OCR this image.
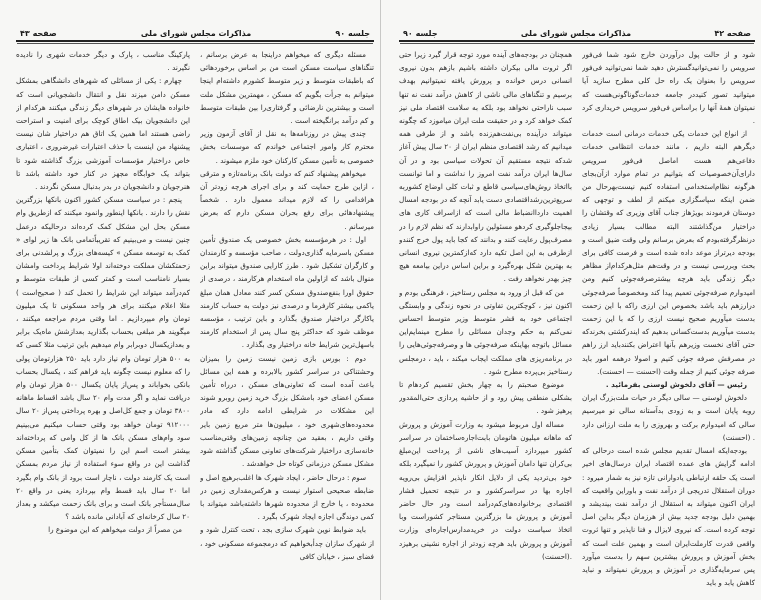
جلسه ۹۰
مذاکرات مجلس شورای ملی
صفحه ۴۳

مسئله دیگری که میخواهم دراینجا به عرض برسانم ، تنگناهای سیاست مسکن است من بر اساس برخوردهائی که باطبقات متوسط و زیر متوسط کشورم داشته‌ام اینجا میتوانم به جرأت بگویم که مسکن ، مهمترین مشکل ملت است و بیشترین نارضائی و گرفتاری‌را بین طبقات متوسط و کم درآمد برانگیخته است .

چندی پیش در روزنامه‌ها به نقل از آقای آزمون وزیر محترم کار وامور اجتماعی خواندم که موسسات بخش خصوصی به تأمین مسکن کارکنان خود ملزم میشوند .

میخواهم پیشنهاد کنم که دولت بانک برنامه‌تازه و مترقی ، ازاین طرح حمایت کند و برای اجرای هرچه زودتر آن هرافدامی را که لازم میداند معمول دارد . شخصاً پیشنهادهائی برای رفع بحران مسکن دارم که بعرض میرسانم .

اول : در هرمؤسسه بخش خصوصی یک صندوق تأمین مسکن باسرمایه گذاری‌دولت ، صاحب مؤسسه و کارمندان و کارگران تشکیل شود . طرز کارایی صندوق میتواند براین منوال باشد که ازاولین ماه استخدام هرکارمند ، درصدی از حقوق اورا بنفع‌صندوق مسکن کسر کنند معادل همان مبلغ یاکمی بیشتر کارفرما و درصدی نیز دولت به حساب کارمند یاکارگر دراختیار صندوق بگذارد و باین ترتیب ، مؤسسه موظف شود که حداکثر پنج سال پس از استخدام کارمند باسهل‌ترین شرایط خانه دراختیار وی بگذارد .

دوم : بورس بازی زمین نیست زمین را بمیزان وحشتناکی در سراسر کشور بالابرده و همه این مسائل باعث آمده است که تعاونی‌های مسکن ، درراه تأمین مسکن اعضای خود بامشکل بزرگ خرید زمین روبرو شوند این مشکلات در شرایطی ادامه دارد که مادر محدوده‌های‌شهری خود ، میلیون‌ها متر مربع زمین بایر وقتی داریم ، بعقید من چنانچه زمین‌های وقتی‌مناسب خانه‌سازی دراختیار شرکت‌های تعاونی مسکن گذاشته شود مشکل مسکن درزمانی کوتاه حل خواهدشد .

سوم : درحال حاضر ، ایجاد شهرک ها اغلب‌برهیچ اصل و ضابطه صحیحی استوار نیست و هرکس‌مقداری زمین در محدوده ، یا خارج از محدوده شهرها داشته‌باشد میتواند با کمی دوندگی اجازه ایجاد شهرک بگیرد .

باید ضوابط نوین شهرک سازی بجد ، تحت کنترل شود و از شهرک سازان چدأبخواهیم که درمجموعه مسکونی خود ، فضای سبز ، خیابان کافی

پارکینگ مناسب ، پارک و دیگر خدمات شهری را نادیده نگیرند .

چهارم : یکی از مسائلی که شهرهای دانشگاهی بمشکل مسکن دامن میزند نقل و انتقال دانشجویانی است که خانواده هایشان در شهرهای دیگر زندگی میکنند هرکدام از این دانشجویان بیک اطاق کوچک برای امنیت و استراحت راضی هستند اما همین یک اتاق هم دراختیار شان نیست پیشنهاد من اینست با حذف اعتبارات غیرضروری ، اعتباری خاص دراختیار مؤسسات آموزشی بزرگ گذاشته شود تا بتواند یک خوابگاه مجهز در کنار خود داشته باشد تا هنرجویان و دانشجویان در بدر بدنبال مسکن نگردند .

پنجم : در سیاست مسکن کشور اکنون بانکها بزرگترین نقش را دارند . بانکها اینطور وانمود میکنند که ازطریق وام مسکن بحل این مشکل کمک کرده‌اند درحالیکه درعمل چنین نیست و می‌بینیم که تقریباًتمامی بانک ها زیر لوای « کمک به توسعه مسکن » کیسه‌های بزرگ و پرلشدنی برای زحمتکشان مملکت دوخته‌اند اولا شرایط پرداخت وامشان بسیار نامناسب است و کمتر کسی از طبقات متوسط و کم‌درآمد میتواند این شرایط را تحمل کند ( صحیح‌است ) مثلا اعلام میکنند برای هر واحد مسکونی تا یک میلیون تومان وام میپردازیم . اما وقتی مردم مراجعه میکنند ، میگویند هر مبلغی بحساب بگذارید بعدازشش ماه‌یک برابر و بعدازیکسال دوبرابر وام میدهیم باین ترتیب مثلا کسی که به ۵۰۰ هزار تومان وام نیاز دارد باید ۲۵۰ هزارتومان پولی را که معلوم نیست چگونه باید فراهم کند ، یکسال بحساب بانکی بخواباند و پس‌از پایان یکسال ۵۰۰ هزار تومان وام دریافت نماید و اگر مدت وام ۲۰ سال باشد اقساط ماهانه ۳۸۰۰ تومان و جمع کل‌اصل و بهره پرداختی پس‌از ۲۰ سال ۹۱۲۰۰۰ تومان خواهد بود وقتی حساب میکنیم می‌بینیم سود وام‌های مسکن بانک ها از کل وامی که پرداخته‌اند بیشتر است اسم این را نمیتوان کمک بتأمین مسکن گذاشت این در واقع سوء استفاده از نیاز مردم بمسکن است یک کارمند دولت ، ناچار است برود از بانک وام بگیرد اما ۲۰ سال باید قسط وام بپردازد یعنی در واقع ۲۰ سال‌مستأجر بانک است و برای بانک زحمت میکشد و بعداز ۲۰ سال کرخانه‌ای که آبادانی مانده باشد ؟

من مصراً از دولت میخواهم که این موضوع را

صفحه ۴۲
مذاکرات مجلس شورای ملی
جلسه ۹۰

شود و از حالت پول درآوردن خارج شود شما فی‌فور سرویس را نمی‌توانیدگسترش دهید شما نمی‌توانید فی‌فور سرویس را بعنوان یک راه حل کلی مطرح سازید آیا میتوانید تصور کنیددر جامعه خدمات‌گوناگونی‌هست که نمیتوان همهٔ آنها را براساس فی‌فور سرویس خریداری کرد .

از انواع این خدمات یکی خدمات درمانی است خدمات دیگرهم البته داریم ، مانند خدمات انتظامی خدمات دفاعی‌هم هست اماصل فی‌فور سرویس دارای‌آن‌خصوصیات که بتوانیم در تمام موارد ازآن‌بجای هرگونه نظام‌استخدامی استفاده کنیم نیست‌بهرحال من ضمن اینکه سپاسگزاری میکنم از لطف و توجهی که دوستان فرمودند بویژهاز جناب آقای وزیری که وقتشان را دراختیار من‌گذاشتند البته مطالب بسیار زیادی درنظرگرفته‌بودم که بعرض برسانم ولی وقت ضیق است و بودجه دیرتراز موعد داده شده است و فرصت کافی برای بحث وبررسی نیست و در وقت‌هم مثل‌هرکدام‌از مظاهر دیگر زندگی باید هرچه بیشترصرفه‌جوئی کنیم ومن امیدوارم صرفه‌جوئی تعمیم پیدا کند ومخصوصاً صرفه‌جوئی درارزهم باید باشد بخصوص این ارزی راکه با این زحمت بدست میآوریم صحیح نیست ارزی را که با این زحمت بدست میآوریم بدست‌کسانی بدهیم که ایندرکشتی بخرند‌که حتی آقای نخست وزیرهم بآنها اعتراض بکنند‌باید ارز راهم در مصرفش صرفه جوئی کنیم و اصولا درهمه امور باید صرفه جوئی کنیم از جمله وقت (احسنت — احسنت).

رئیس — آقای دلخوش لوسنی بفرمائید .

دلخوش لوسنی — سالی دیگر در حیات ملت‌بزرگ ایران روبه پایان است و به زودی بدآستانه سالی نو میرسیم سالی که امیدوارم برکت و بهروزی را به ملت ارزانی دارد . (احسنت)

بودجه‌ایکه امسال تقدیم مجلس شده است درحالی که ادامه گرایش های عمده اقتصاد ایران درسال‌های اخیر است یک حلقه ارتباطی یادوارانی تازه نیز به شمار میرود : دوران استقلال تدریجی از درآمد نفت و باوراین واقعیت که ایران اکنون میتواند به استقلال از درآمد نفت بیندیشد و بهمین دلیل بودجه جدید بیش از هرزمان دیگر بداین اصل توجه کرده است. که نیروی لایزال و فنا ناپذیر و تنها ثروت واقعی قدرت کارملت‌ایران است و بهمین علت است که بخش آموزش و پرورش بیشترین سهم را بدست میآورد پس سرمایه‌گذاری در آموزش و پرورش نمیتواند و نباید کاهش یابد و باید

همچنان در بودجه‌های آینده مورد توجه قرار گیرد زیرا حتی اگر ثروت مالی بیکران داشته باشیم بازهم بدون نیروی انسانی درس خوانده و پرورش یافته نمیتوانیم بهدف برسیم و تنگناهای مالی ناشی از کاهش درآمد نفت نه تنها سبب ناراحتی نخواهد بود بلکه به سلامت اقتصاد ملی نیز کمک خواهد کرد و در حقیقت ملت ایران میاموزد که چگونه میتواند درآینده بی‌نفت‌هم‌زنده باشد و از طرفی همه میدانیم که رشد اقتصادی منظم ایران از ۲۰ سال پیش آغاز شدکه نتیجه مستقیم آن تحولات سیاسی بود و در آن سال‌ها ایران درآمد نفت امروز را نداشت و اما توانست بااتخاذ روش‌های‌سیاسی قاطع و ثبات کلی اوضاع کشوربه سریع‌ترین‌رشداقتصادی دست یابد آنچه که در بودجه امسال اهمیت دارداانضباط مالی است که ازاسراف کاری های بیجاجلوگیری کردهو مسئولین راوابدارند که نظم لازم را در مصرف‌پول رعایت کنند و بدانند که کجا باید پول خرج کنندو ازطرفی به این اصل تکیه دارد که‌ازکمترین نیروی انسانی به بهترین شکل بهره‌گیرد و براین اساس دراین بیامعه هیچ چیز بهدر نخواهد رفت .

من که قبل از ورود به مجلس رستاخیز ، فرهنگی بودم و اکنون نیز ، کوچکترین تفاوتی در نحوه زندگی و وابستگی اجتماعی خود به قشر متوسط وزیر متوسط احساس نمی‌کنم به حکم وجدان مسائلی را مطرح مینمایم‌این مسائل باتوجه بهاینکه صرفه‌جوئی ها و وصرفه‌جوئی‌هایی را در برنامه‌ریزی های مملکت ایجاب میکند ، باید ، درمجلس رستاخیز بی‌پرده مطرح شود .

موضوع صحبتم را به چهار بخش تقسیم کردهام تا بشکلی منطقی پیش رود و از حاشیه پردازی حتی‌المقدور پرهیز شود .

مساله اول مربوط میشود به وزارت آموزش و پرورش که ماهانه میلیون هاتومان بابت‌اجاره‌ساختمان در سراسر کشور میپردازد آسیب‌های ناشی از پرداخت این‌مبلغ بی‌کران تنها دامان آموزش و پرورش کشور را نمیگیرد بلکه خود بی‌تردید یکی از دلایل انکار ناپذیر افزایش بی‌رویه اجاره بها در سراسرکشور و در نتیجه تحمیل فشار اقتصادی برخانواده‌های‌کم‌درآمد است ودر حال حاضر آموزش و پرورش ما بزرگترین مستاجر کشوراست وبا اتخاذ سیاست دولت در خریدمدارس‌اجاره‌ای وزارت آموزش و پرورش باید هرچه زودتر از اجاره نشینی برهیزد .(احسنت)
